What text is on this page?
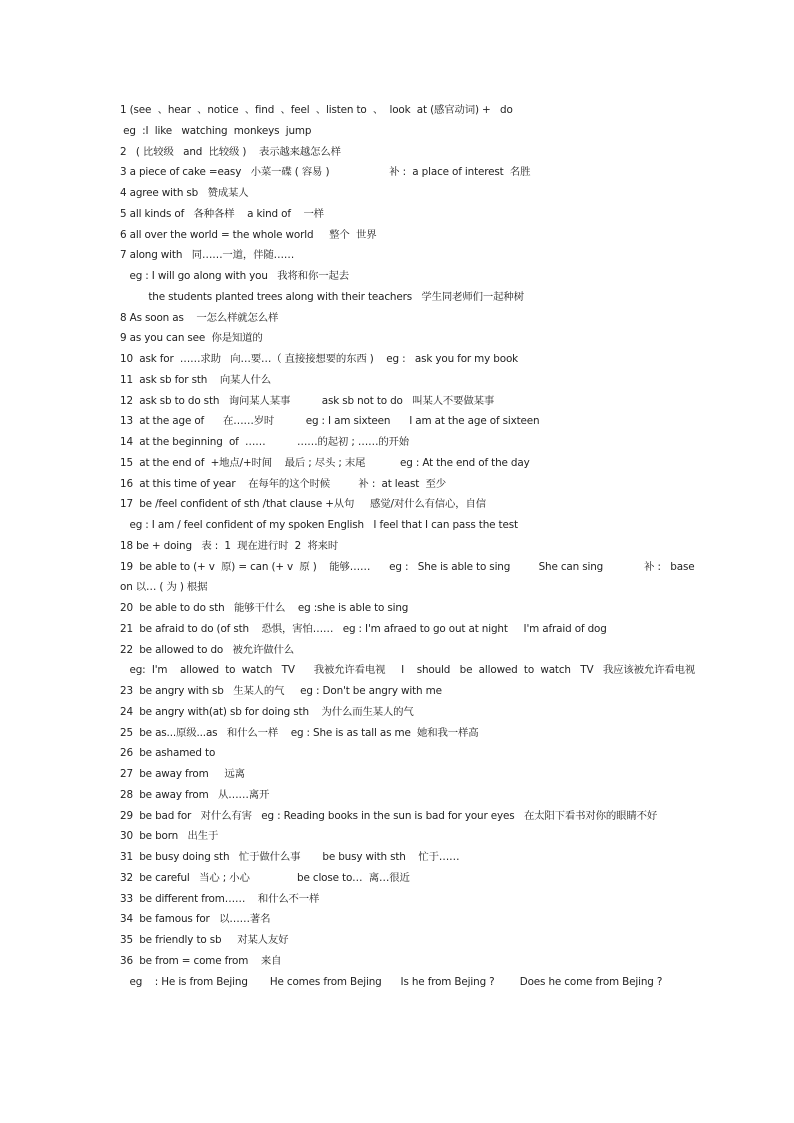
1 (see  、hear  、notice  、find  、feel  、listen to  、  look  at (感官动词) +   do
eg  :I  like   watching  monkeys  jump
2   ( 比较级   and  比较级 )    表示越来越怎么样
3 a piece of cake =easy   小菜一碟 ( 容易 )                   补 :  a place of interest  名胜
4 agree with sb   赞成某人
5 all kinds of   各种各样    a kind of    一样
6 all over the world = the whole world     整个  世界
7 along with   同……一道，伴随……
eg : I will go along with you   我将和你一起去
the students planted trees along with their teachers   学生同老师们一起种树
8 As soon as    一怎么样就怎么样
9 as you can see  你是知道的
10  ask for  ……求助   向…要…（ 直接接想要的东西 )    eg :   ask you for my book
11  ask sb for sth    向某人什么
12  ask sb to do sth   询问某人某事          ask sb not to do   叫某人不要做某事
13  at the age of      在……岁时          eg : I am sixteen      I am at the age of sixteen
14  at the beginning  of  ……          ……的起初 ; ……的开始
15  at the end of  +地点/+时间    最后 ; 尽头 ; 末尾           eg : At the end of the day
16  at this time of year    在每年的这个时候         补 :  at least  至少
17  be /feel confident of sth /that clause +从句     感觉/对什么有信心，自信
eg : I am / feel confident of my spoken English   I feel that I can pass the test
18 be + doing   表 :  1  现在进行时  2  将来时
19  be able to (+ v  原) = can (+ v  原 )    能够……      eg :   She is able to sing         She can sing             补 :   base on 以… ( 为 ) 根据
20  be able to do sth   能够干什么    eg :she is able to sing
21  be afraid to do (of sth    恐惧，害怕……   eg : I'm afraed to go out at night     I'm afraid of dog
22  be allowed to do   被允许做什么
eg:  I'm    allowed  to  watch   TV      我被允许看电视     I    should   be  allowed  to  watch   TV   我应该被允许看电视
23  be angry with sb   生某人的气     eg : Don't be angry with me
24  be angry with(at) sb for doing sth    为什么而生某人的气
25  be as...原级...as   和什么一样    eg : She is as tall as me  她和我一样高
26  be ashamed to
27  be away from     远离
28  be away from   从……离开
29  be bad for   对什么有害   eg : Reading books in the sun is bad for your eyes   在太阳下看书对你的眼睛不好
30  be born   出生于
31  be busy doing sth   忙于做什么事       be busy with sth    忙于……
32  be careful   当心 ; 小心               be close to…  离…很近
33  be different from……    和什么不一样
34  be famous for   以……著名
35  be friendly to sb     对某人友好
36  be from = come from    来自
eg    : He is from Bejing       He comes from Bejing      Is he from Bejing ?        Does he come from Bejing ?
